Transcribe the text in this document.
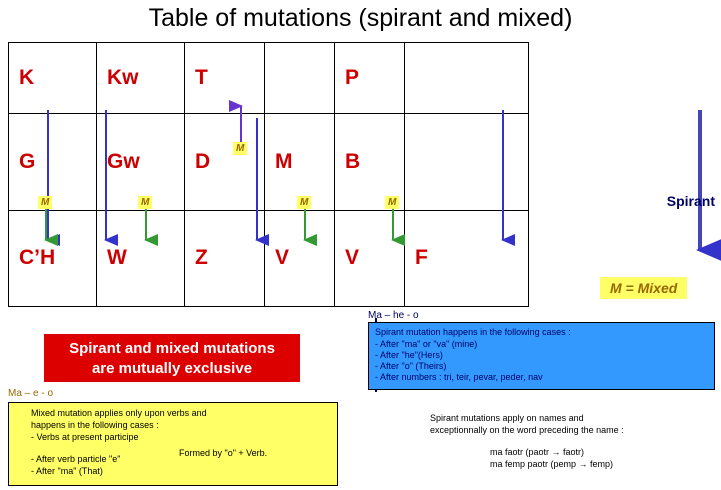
Table of mutations (spirant and mixed)
K	Kw	T		P	
G	Gw	D	M	B	
C’H	W	Z	V	V	F
M
M	M	M	M	Spirant
M = Mixed
Ma – he - o
Ma – e - o
Spirant and mixed mutations
are mutually exclusive
Spirant mutation happens in the following cases :
- After "ma" or "va" (mine)
- After "he"(Hers)
- After "o" (Theirs)
- After numbers : tri, teir, pevar, peder, nav
Mixed mutation applies only upon verbs and
happens in the following cases :
- Verbs at present participe
- After verb particle "e"
- After "ma" (That)
Formed by "o" + Verb.
Spirant mutations apply on names and
exceptionnally on the word preceding the name :
ma faotr (paotr → faotr)
ma femp paotr (pemp → femp)
